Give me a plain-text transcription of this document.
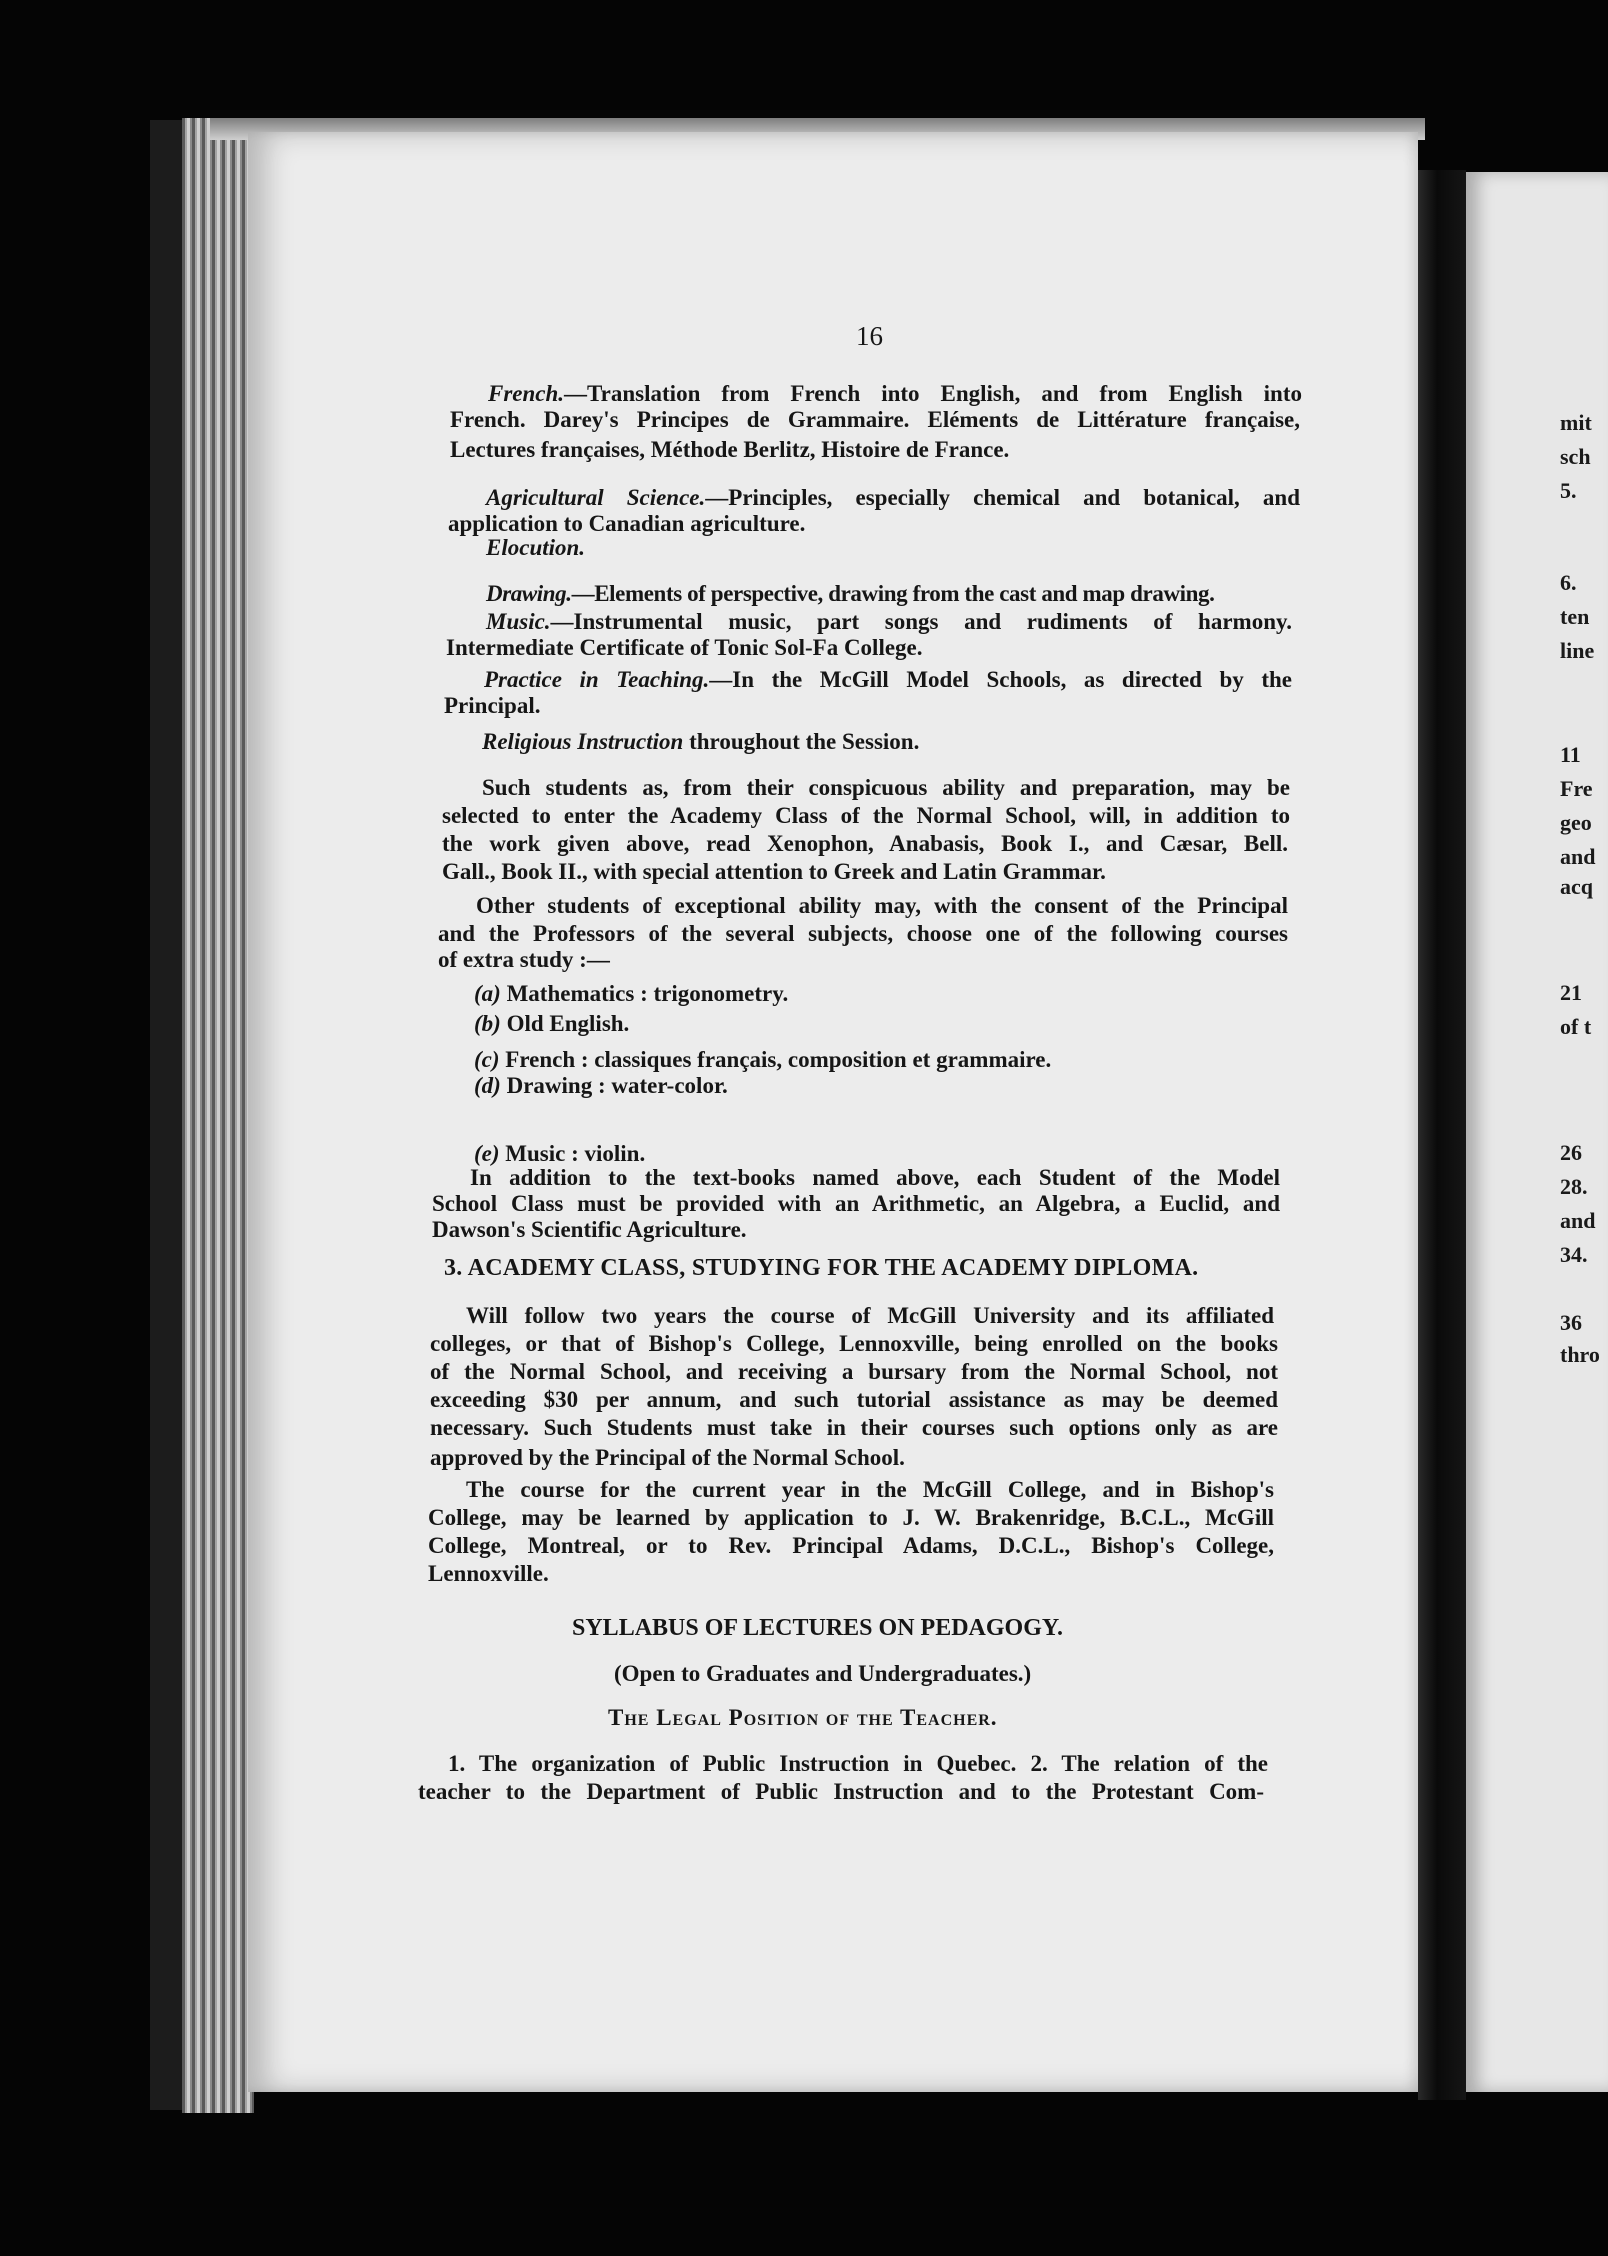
mit
sch
5.
6.
ten
line
11
Fre
geo
and
acq
21
of t
26
28.
and
34.
36
thro
16
French.—Translation from French into English, and from English into
French. Darey's Principes de Grammaire. Eléments de Littérature française,
Lectures françaises, Méthode Berlitz, Histoire de France.
Agricultural Science.—Principles, especially chemical and botanical, and
application to Canadian agriculture.
Elocution.
Drawing.—Elements of perspective, drawing from the cast and map drawing.
Music.—Instrumental music, part songs and rudiments of harmony.
Intermediate Certificate of Tonic Sol-Fa College.
Practice in Teaching.—In the McGill Model Schools, as directed by the
Principal.
Religious Instruction throughout the Session.
Such students as, from their conspicuous ability and preparation, may be
selected to enter the Academy Class of the Normal School, will, in addition to
the work given above, read Xenophon, Anabasis, Book I., and Cæsar, Bell.
Gall., Book II., with special attention to Greek and Latin Grammar.
Other students of exceptional ability may, with the consent of the Principal
and the Professors of the several subjects, choose one of the following courses
of extra study :—
(a) Mathematics : trigonometry.
(b) Old English.
(c) French : classiques français, composition et grammaire.
(d) Drawing : water-color.
(e) Music : violin.
In addition to the text-books named above, each Student of the Model
School Class must be provided with an Arithmetic, an Algebra, a Euclid, and
Dawson's Scientific Agriculture.
3. ACADEMY CLASS, STUDYING FOR THE ACADEMY DIPLOMA.
Will follow two years the course of McGill University and its affiliated
colleges, or that of Bishop's College, Lennoxville, being enrolled on the books
of the Normal School, and receiving a bursary from the Normal School, not
exceeding $30 per annum, and such tutorial assistance as may be deemed
necessary. Such Students must take in their courses such options only as are
approved by the Principal of the Normal School.
The course for the current year in the McGill College, and in Bishop's
College, may be learned by application to J. W. Brakenridge, B.C.L., McGill
College, Montreal, or to Rev. Principal Adams, D.C.L., Bishop's College,
Lennoxville.
SYLLABUS OF LECTURES ON PEDAGOGY.
(Open to Graduates and Undergraduates.)
The Legal Position of the Teacher.
1. The organization of Public Instruction in Quebec. 2. The relation of the
teacher to the Department of Public Instruction and to the Protestant Com-
